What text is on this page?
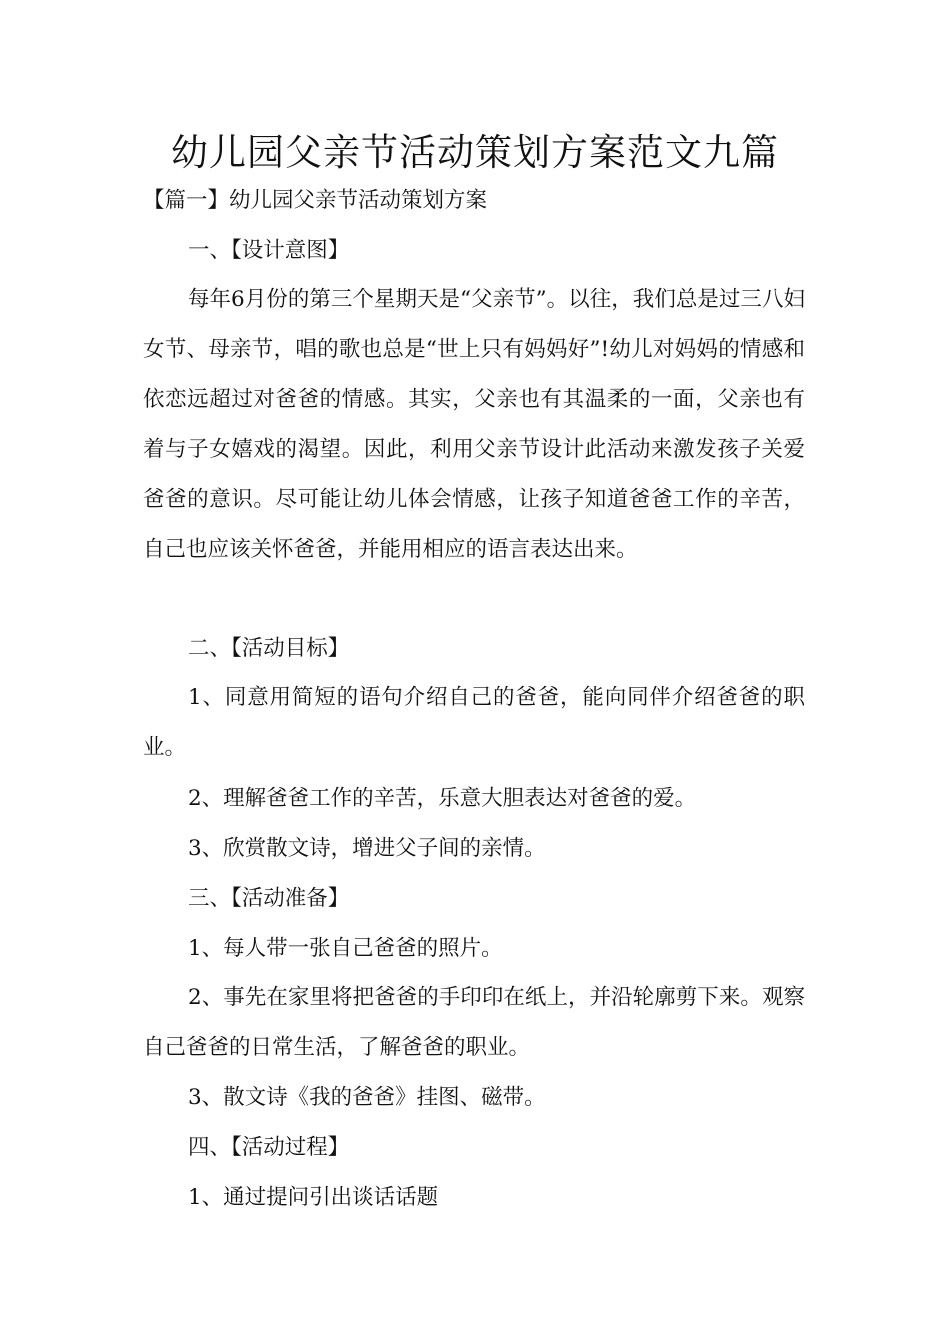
幼儿园父亲节活动策划方案范文九篇
【篇一】幼儿园父亲节活动策划方案
一、【设计意图】

每年6月份的第三个星期天是“父亲节”。以往，我们总是过三八妇女节、母亲节，唱的歌也总是“世上只有妈妈好”!幼儿对妈妈的情感和依恋远超过对爸爸的情感。其实，父亲也有其温柔的一面，父亲也有着与子女嬉戏的渴望。因此，利用父亲节设计此活动来激发孩子关爱爸爸的意识。尽可能让幼儿体会情感，让孩子知道爸爸工作的辛苦，自己也应该关怀爸爸，并能用相应的语言表达出来。

二、【活动目标】

1、同意用简短的语句介绍自己的爸爸，能向同伴介绍爸爸的职业。

2、理解爸爸工作的辛苦，乐意大胆表达对爸爸的爱。
3、欣赏散文诗，增进父子间的亲情。
三、【活动准备】
1、每人带一张自己爸爸的照片。

2、事先在家里将把爸爸的手印印在纸上，并沿轮廓剪下来。观察自己爸爸的日常生活，了解爸爸的职业。

3、散文诗《我的爸爸》挂图、磁带。
四、【活动过程】
1、通过提问引出谈话话题
